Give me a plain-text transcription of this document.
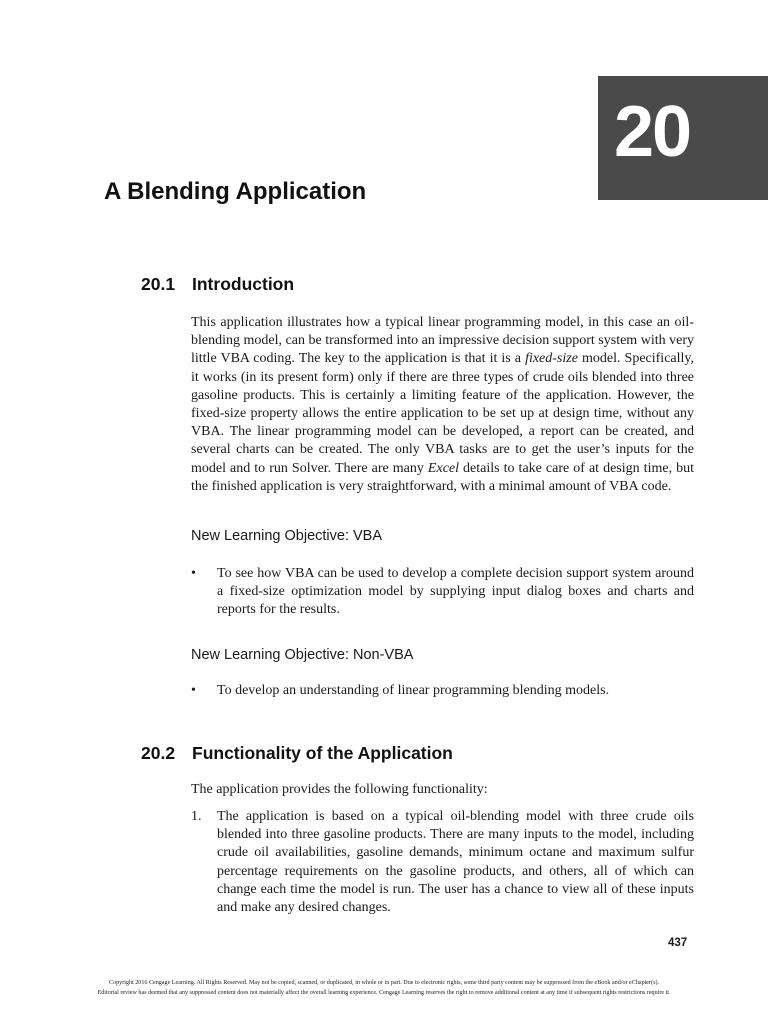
20
A Blending Application
20.1 Introduction

This application illustrates how a typical linear programming model, in this case an oil-blending model, can be transformed into an impressive decision support system with very little VBA coding. The key to the application is that it is a fixed-size model. Specifically, it works (in its present form) only if there are three types of crude oils blended into three gasoline products. This is certainly a limiting feature of the application. However, the fixed-size property allows the entire application to be set up at design time, without any VBA. The linear programming model can be developed, a report can be created, and several charts can be created. The only VBA tasks are to get the user’s inputs for the model and to run Solver. There are many Excel details to take care of at design time, but the finished application is very straightforward, with a minimal amount of VBA code.

New Learning Objective: VBA
• To see how VBA can be used to develop a complete decision support system around a fixed-size optimization model by supplying input dialog boxes and charts and reports for the results.
New Learning Objective: Non-VBA
• To develop an understanding of linear programming blending models.
20.2 Functionality of the Application

The application provides the following functionality:

1. The application is based on a typical oil-blending model with three crude oils blended into three gasoline products. There are many inputs to the model, including crude oil availabilities, gasoline demands, minimum octane and maximum sulfur percentage requirements on the gasoline products, and others, all of which can change each time the model is run. The user has a chance to view all of these inputs and make any desired changes.
437
Copyright 2016 Cengage Learning. All Rights Reserved. May not be copied, scanned, or duplicated, in whole or in part. Due to electronic rights, some third party content may be suppressed from the eBook and/or eChapter(s).
Editorial review has deemed that any suppressed content does not materially affect the overall learning experience. Cengage Learning reserves the right to remove additional content at any time if subsequent rights restrictions require it.
